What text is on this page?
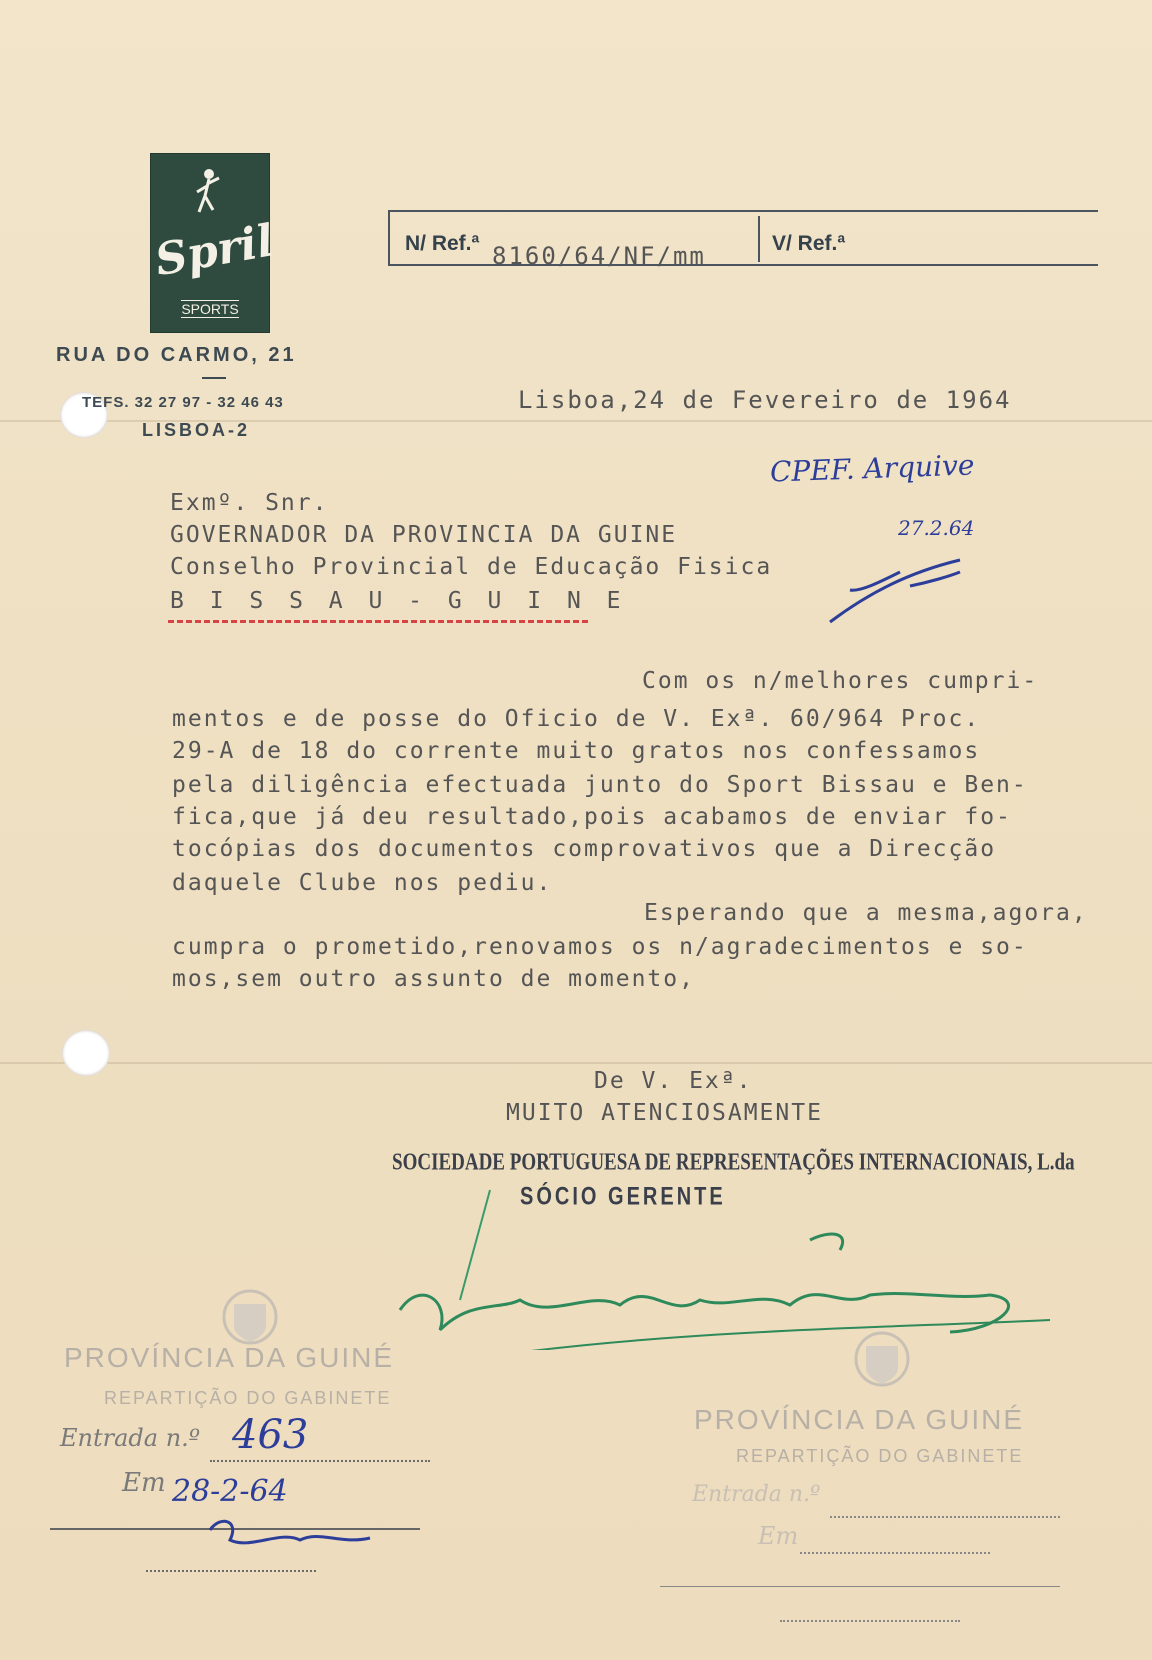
Spril
SPORTS
RUA DO CARMO, 21
TEFS. 32 27 97 - 32 46 43
LISBOA-2
N/ Ref.ª 8160/64/NF/mm	V/ Ref.ª
Lisboa,24 de Fevereiro de 1964
CPEF. Arquive
27.2.64
Exmº. Snr.
GOVERNADOR DA PROVINCIA DA GUINE
Conselho Provincial de Educação Fisica
B I S S A U - G U I N E
Com os n/melhores cumpri-
mentos e de posse do Oficio de V. Exª. 60/964 Proc.
29-A de 18 do corrente muito gratos nos confessamos
pela diligência efectuada junto do Sport Bissau e Ben-
fica,que já deu resultado,pois acabamos de enviar fo-
tocópias dos documentos comprovativos que a Direcção
daquele Clube nos pediu.
Esperando que a mesma,agora,
cumpra o prometido,renovamos os n/agradecimentos e so-
mos,sem outro assunto de momento,
De V. Exª.
MUITO ATENCIOSAMENTE
SOCIEDADE PORTUGUESA DE REPRESENTAÇÕES INTERNACIONAIS, L.da
SÓCIO GERENTE
PROVÍNCIA DA GUINÉ
REPARTIÇÃO DO GABINETE
Entrada n.º 463
Em 28-2-64
PROVÍNCIA DA GUINÉ
REPARTIÇÃO DO GABINETE
Entrada n.º
Em
